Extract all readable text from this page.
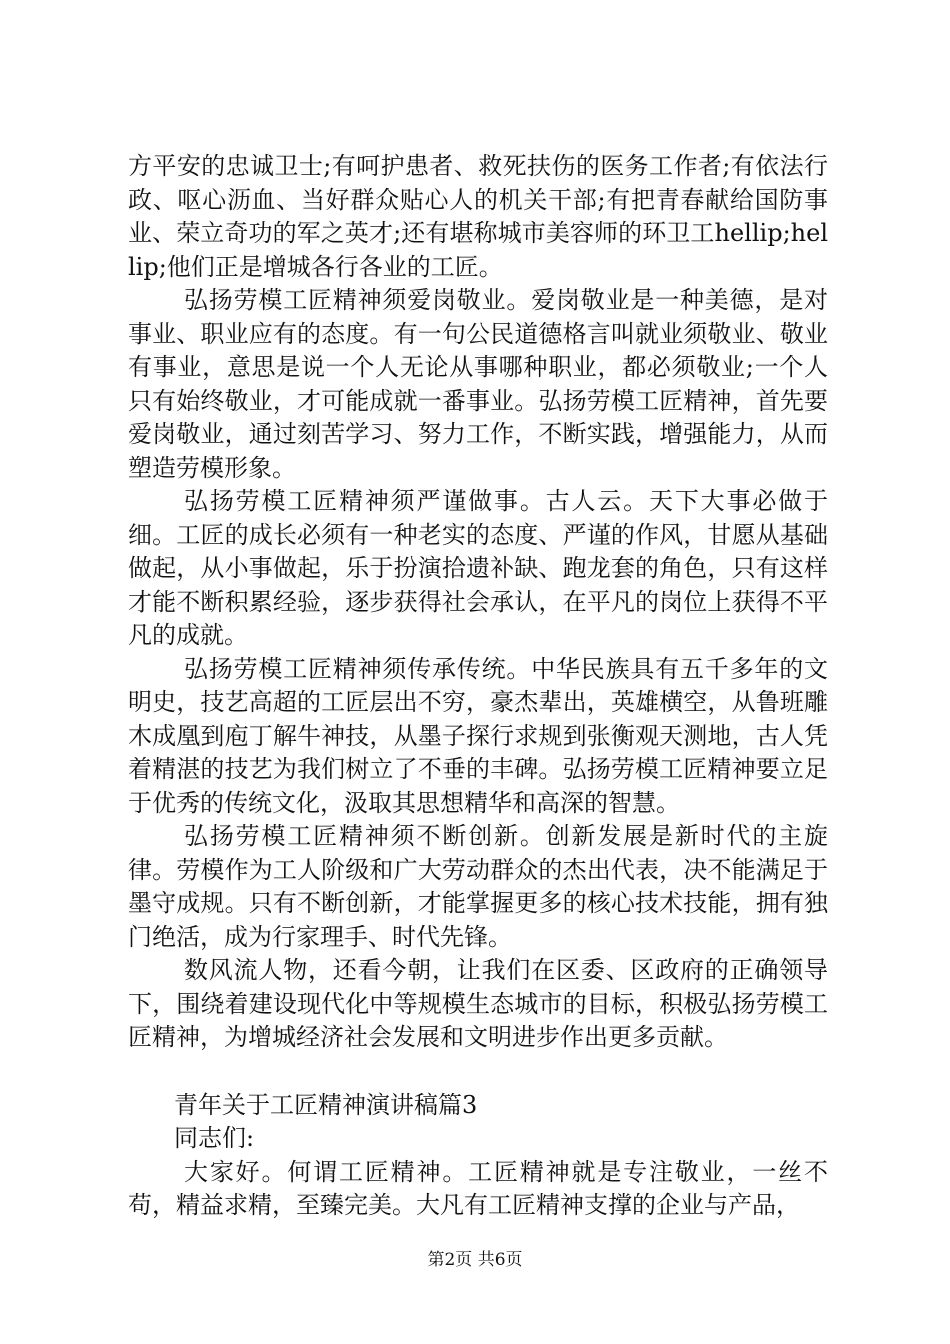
方平安的忠诚卫士;有呵护患者、救死扶伤的医务工作者;有依法行政、呕心沥血、当好群众贴心人的机关干部;有把青春献给国防事业、荣立奇功的军之英才;还有堪称城市美容师的环卫工hellip;hellip;他们正是增城各行各业的工匠。

弘扬劳模工匠精神须爱岗敬业。爱岗敬业是一种美德，是对事业、职业应有的态度。有一句公民道德格言叫就业须敬业、敬业有事业，意思是说一个人无论从事哪种职业，都必须敬业;一个人只有始终敬业，才可能成就一番事业。弘扬劳模工匠精神，首先要爱岗敬业，通过刻苦学习、努力工作，不断实践，增强能力，从而塑造劳模形象。

弘扬劳模工匠精神须严谨做事。古人云。天下大事必做于细。工匠的成长必须有一种老实的态度、严谨的作风，甘愿从基础做起，从小事做起，乐于扮演拾遗补缺、跑龙套的角色，只有这样才能不断积累经验，逐步获得社会承认，在平凡的岗位上获得不平凡的成就。

弘扬劳模工匠精神须传承传统。中华民族具有五千多年的文明史，技艺高超的工匠层出不穷，豪杰辈出，英雄横空，从鲁班雕木成凰到庖丁解牛神技，从墨子探行求规到张衡观天测地，古人凭着精湛的技艺为我们树立了不垂的丰碑。弘扬劳模工匠精神要立足于优秀的传统文化，汲取其思想精华和高深的智慧。

弘扬劳模工匠精神须不断创新。创新发展是新时代的主旋律。劳模作为工人阶级和广大劳动群众的杰出代表，决不能满足于墨守成规。只有不断创新，才能掌握更多的核心技术技能，拥有独门绝活，成为行家理手、时代先锋。

数风流人物，还看今朝，让我们在区委、区政府的正确领导下，围绕着建设现代化中等规模生态城市的目标，积极弘扬劳模工匠精神，为增城经济社会发展和文明进步作出更多贡献。

青年关于工匠精神演讲稿篇3

同志们:

大家好。何谓工匠精神。工匠精神就是专注敬业，一丝不苟，精益求精，至臻完美。大凡有工匠精神支撑的企业与产品，

第2页 共6页
